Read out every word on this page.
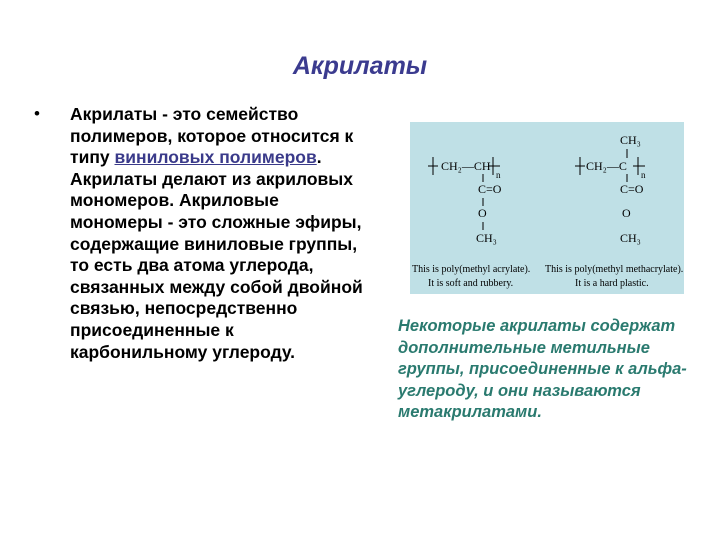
Акрилаты
• Акрилаты - это семейство полимеров, которое относится к типу виниловых полимеров. Акрилаты делают из акриловых мономеров. Акриловые мономеры - это сложные эфиры, содержащие виниловые группы, то есть два атома углерода, связанных между собой двойной связью, непосредственно присоединенные к карбонильному углероду.
CH₂—CH
n
C=O
O
CH₃
CH₃
CH₂—C
n
C=O
O
CH₃
This is poly(methyl acrylate).
It is soft and rubbery.
This is poly(methyl methacrylate).
It is a hard plastic.
Некоторые акрилаты содержат дополнительные метильные группы, присоединенные к альфа-углероду, и они называются метакрилатами.
